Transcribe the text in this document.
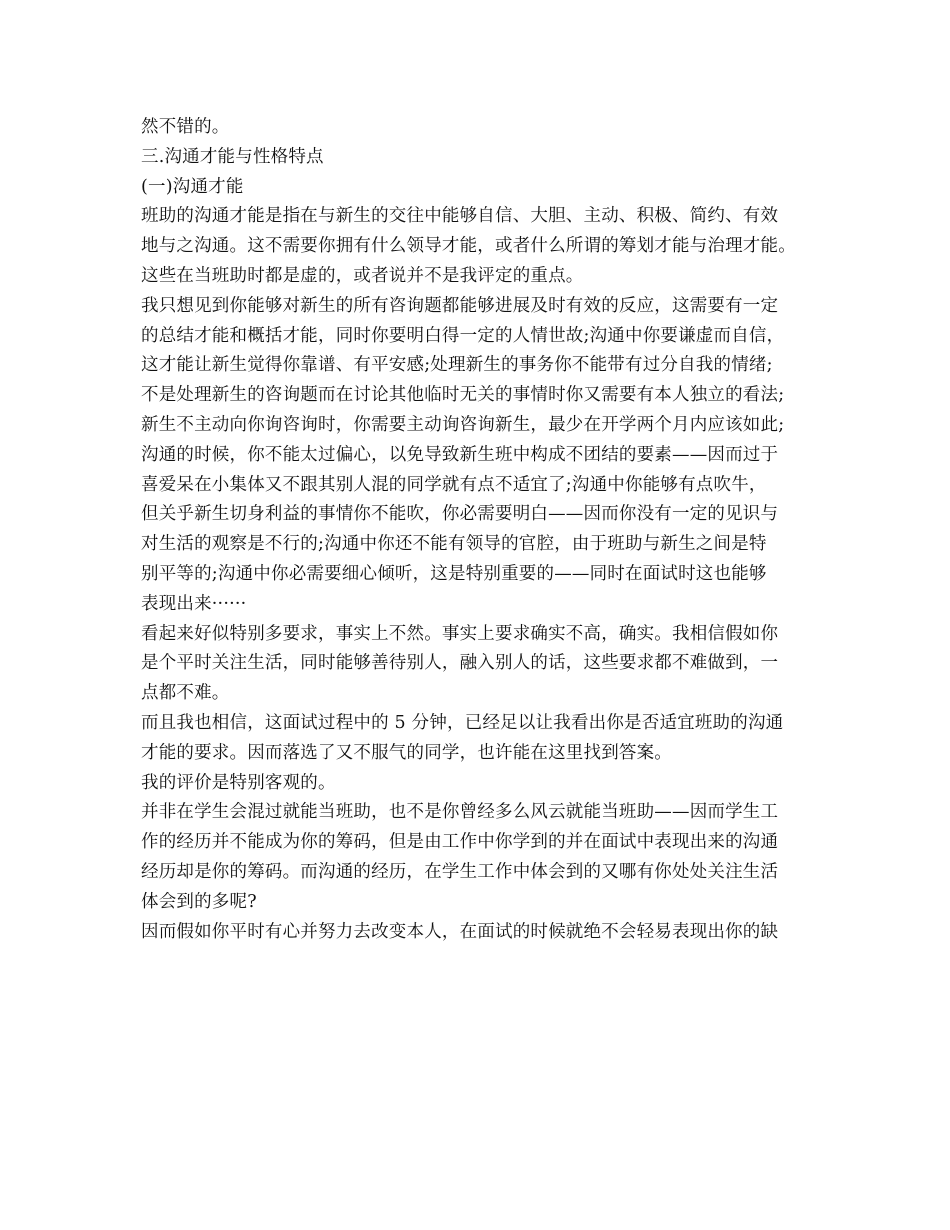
然不错的。
三.沟通才能与性格特点
(一)沟通才能
班助的沟通才能是指在与新生的交往中能够自信、大胆、主动、积极、简约、有效
地与之沟通。这不需要你拥有什么领导才能，或者什么所谓的筹划才能与治理才能。
这些在当班助时都是虚的，或者说并不是我评定的重点。
我只想见到你能够对新生的所有咨询题都能够进展及时有效的反应，这需要有一定
的总结才能和概括才能，同时你要明白得一定的人情世故;沟通中你要谦虚而自信，
这才能让新生觉得你靠谱、有平安感;处理新生的事务你不能带有过分自我的情绪;
不是处理新生的咨询题而在讨论其他临时无关的事情时你又需要有本人独立的看法;
新生不主动向你询咨询时，你需要主动询咨询新生，最少在开学两个月内应该如此;
沟通的时候，你不能太过偏心，以免导致新生班中构成不团结的要素——因而过于
喜爱呆在小集体又不跟其别人混的同学就有点不适宜了;沟通中你能够有点吹牛，
但关乎新生切身利益的事情你不能吹，你必需要明白——因而你没有一定的见识与
对生活的观察是不行的;沟通中你还不能有领导的官腔，由于班助与新生之间是特
别平等的;沟通中你必需要细心倾听，这是特别重要的——同时在面试时这也能够
表现出来······
看起来好似特别多要求，事实上不然。事实上要求确实不高，确实。我相信假如你
是个平时关注生活，同时能够善待别人，融入别人的话，这些要求都不难做到，一
点都不难。
而且我也相信，这面试过程中的 5 分钟，已经足以让我看出你是否适宜班助的沟通
才能的要求。因而落选了又不服气的同学，也许能在这里找到答案。
我的评价是特别客观的。
并非在学生会混过就能当班助，也不是你曾经多么风云就能当班助——因而学生工
作的经历并不能成为你的筹码，但是由工作中你学到的并在面试中表现出来的沟通
经历却是你的筹码。而沟通的经历，在学生工作中体会到的又哪有你处处关注生活
体会到的多呢?
因而假如你平时有心并努力去改变本人，在面试的时候就绝不会轻易表现出你的缺
